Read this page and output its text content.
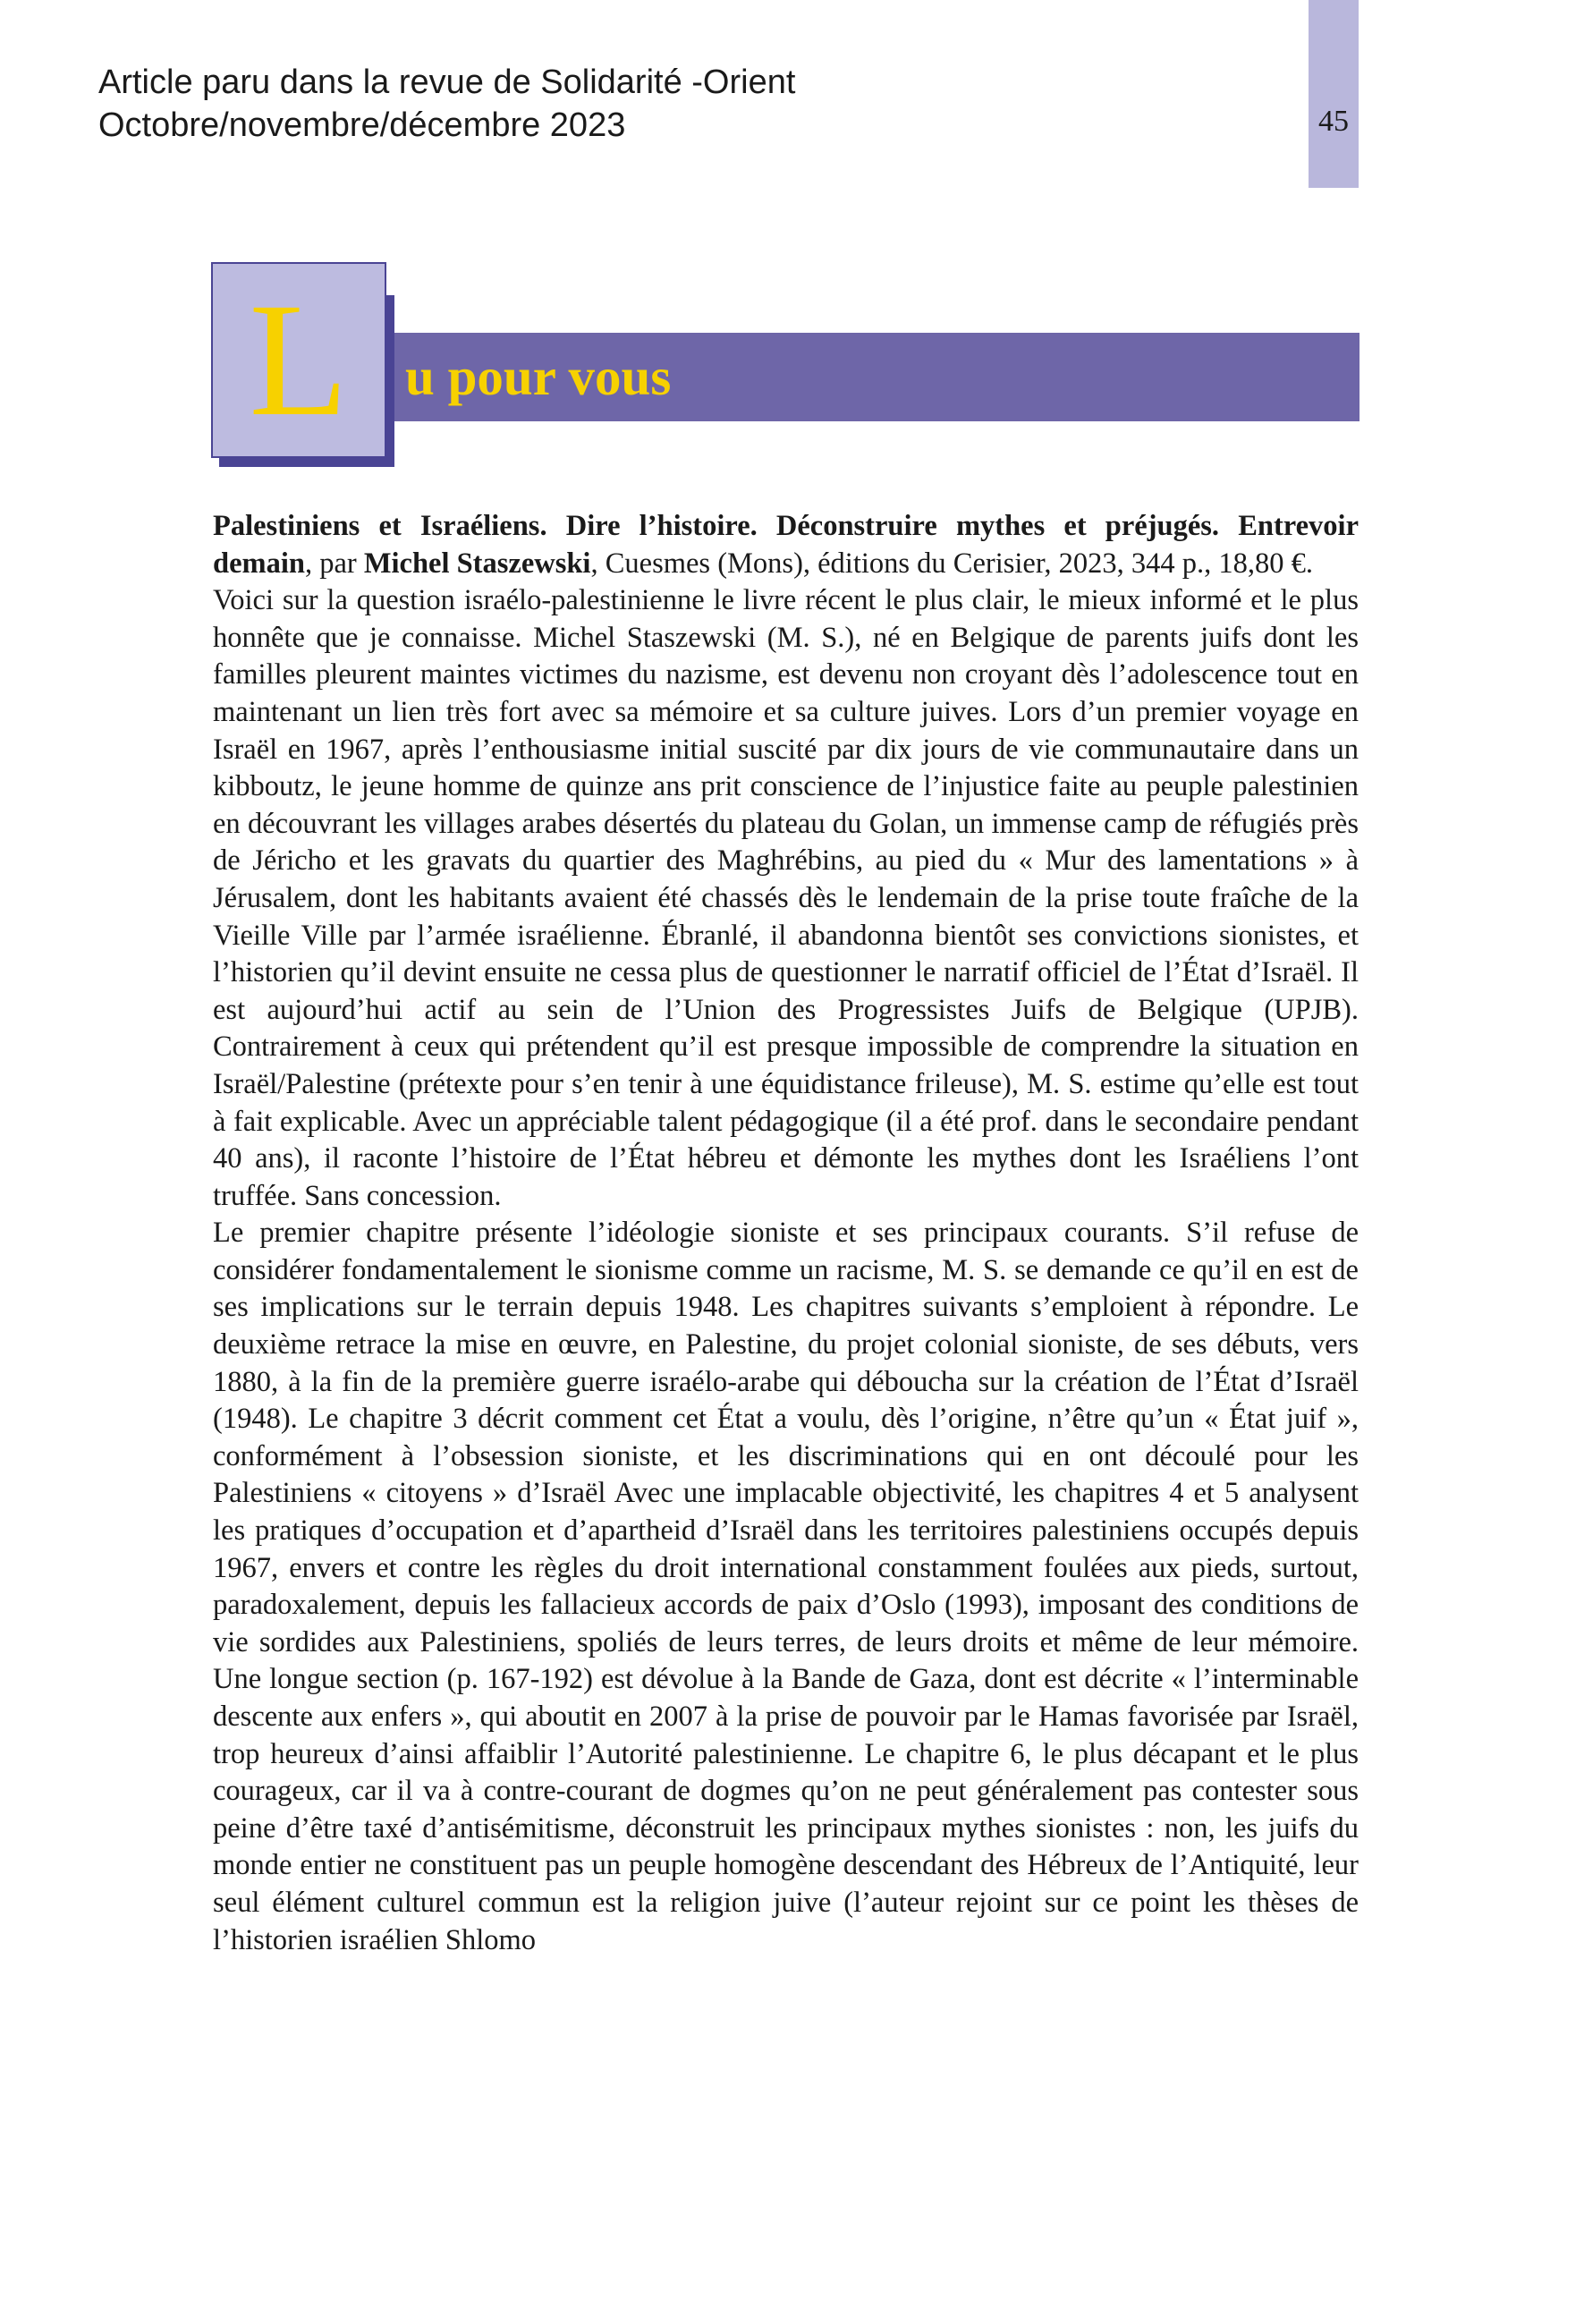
Article paru dans la revue de Solidarité -Orient
Octobre/novembre/décembre 2023	45
u pour vous
L

Palestiniens et Israéliens. Dire l’histoire. Déconstruire mythes et préjugés. Entrevoir demain, par Michel Staszewski, Cuesmes (Mons), éditions du Cerisier, 2023, 344 p., 18,80 €.

Voici sur la question israélo-palestinienne le livre récent le plus clair, le mieux informé et le plus honnête que je connaisse. Michel Staszewski (M. S.), né en Belgique de parents juifs dont les familles pleurent maintes victimes du nazisme, est devenu non croyant dès l’adolescence tout en maintenant un lien très fort avec sa mémoire et sa culture juives. Lors d’un premier voyage en Israël en 1967, après l’enthousiasme initial suscité par dix jours de vie communautaire dans un kibboutz, le jeune homme de quinze ans prit conscience de l’injustice faite au peuple palestinien en découvrant les villages arabes désertés du plateau du Golan, un immense camp de réfugiés près de Jéricho et les gravats du quartier des Maghrébins, au pied du « Mur des lamentations » à Jérusalem, dont les habitants avaient été chassés dès le lendemain de la prise toute fraîche de la Vieille Ville par l’armée israélienne. Ébranlé, il abandonna bientôt ses convictions sionistes, et l’historien qu’il devint ensuite ne cessa plus de questionner le narratif officiel de l’État d’Israël. Il est aujourd’hui actif au sein de l’Union des Progressistes Juifs de Belgique (UPJB). Contrairement à ceux qui prétendent qu’il est presque impossible de comprendre la situation en Israël/Palestine (prétexte pour s’en tenir à une équidistance frileuse), M. S. estime qu’elle est tout à fait explicable. Avec un appréciable talent pédagogique (il a été prof. dans le secondaire pendant 40 ans), il raconte l’histoire de l’État hébreu et démonte les mythes dont les Israéliens l’ont truffée. Sans concession.

Le premier chapitre présente l’idéologie sioniste et ses principaux courants. S’il refuse de considérer fondamentalement le sionisme comme un racisme, M. S. se demande ce qu’il en est de ses implications sur le terrain depuis 1948. Les chapitres suivants s’emploient à répondre. Le deuxième retrace la mise en œuvre, en Palestine, du projet colonial sioniste, de ses débuts, vers 1880, à la fin de la première guerre israélo-arabe qui déboucha sur la création de l’État d’Israël (1948). Le chapitre 3 décrit comment cet État a voulu, dès l’origine, n’être qu’un « État juif », conformément à l’obsession sioniste, et les discriminations qui en ont découlé pour les Palestiniens « citoyens » d’Israël Avec une implacable objectivité, les chapitres 4 et 5 analysent les pratiques d’occupation et d’apartheid d’Israël dans les territoires palestiniens occupés depuis 1967, envers et contre les règles du droit international constamment foulées aux pieds, surtout, paradoxalement, depuis les fallacieux accords de paix d’Oslo (1993), imposant des conditions de vie sordides aux Palestiniens, spoliés de leurs terres, de leurs droits et même de leur mémoire. Une longue section (p. 167-192) est dévolue à la Bande de Gaza, dont est décrite « l’interminable descente aux enfers », qui aboutit en 2007 à la prise de pouvoir par le Hamas favorisée par Israël, trop heureux d’ainsi affaiblir l’Autorité palestinienne. Le chapitre 6, le plus décapant et le plus courageux, car il va à contre-courant de dogmes qu’on ne peut généralement pas contester sous peine d’être taxé d’antisémitisme, déconstruit les principaux mythes sionistes : non, les juifs du monde entier ne constituent pas un peuple homogène descendant des Hébreux de l’Antiquité, leur seul élément culturel commun est la religion juive (l’auteur rejoint sur ce point les thèses de l’historien israélien Shlomo
